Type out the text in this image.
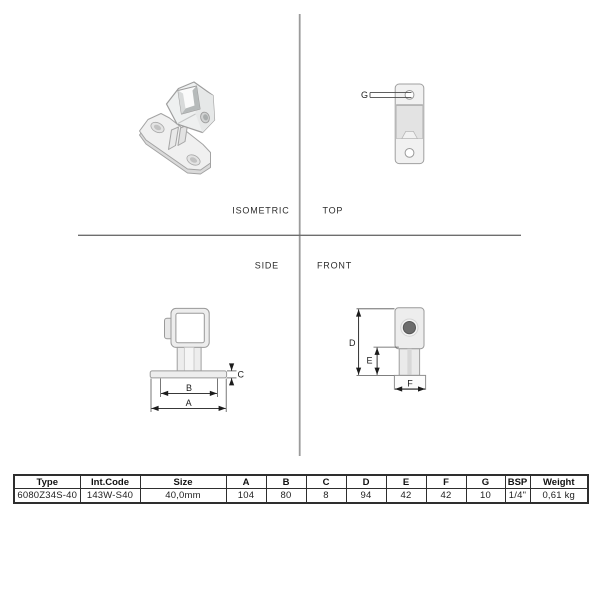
ISOMETRIC	TOP
SIDE	FRONT
G
C
B
A
D
E
F
Type	Int.Code	Size	A	B	C	D	E	F	G	BSP	Weight
6080Z34S-40	143W-S40	40,0mm	104	80	8	94	42	42	10	1/4"	0,61 kg
